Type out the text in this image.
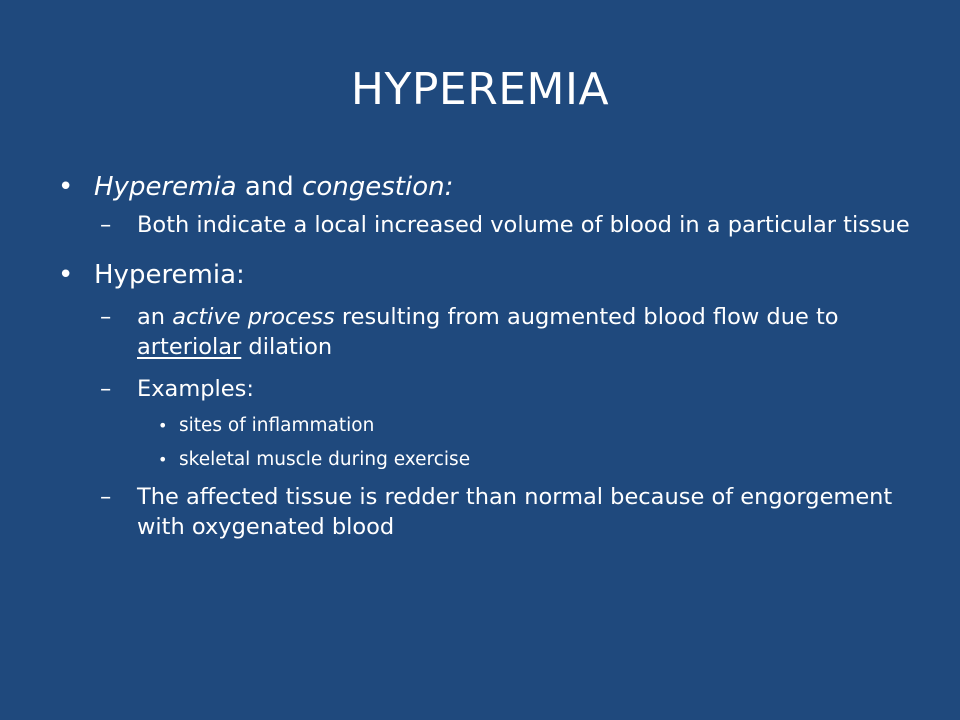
HYPEREMIA
• Hyperemia and congestion:
– Both indicate a local increased volume of blood in a particular tissue
• Hyperemia:
– an active process resulting from augmented blood flow due to arteriolar dilation
– Examples:
• sites of inflammation
• skeletal muscle during exercise
– The affected tissue is redder than normal because of engorgement with oxygenated blood
